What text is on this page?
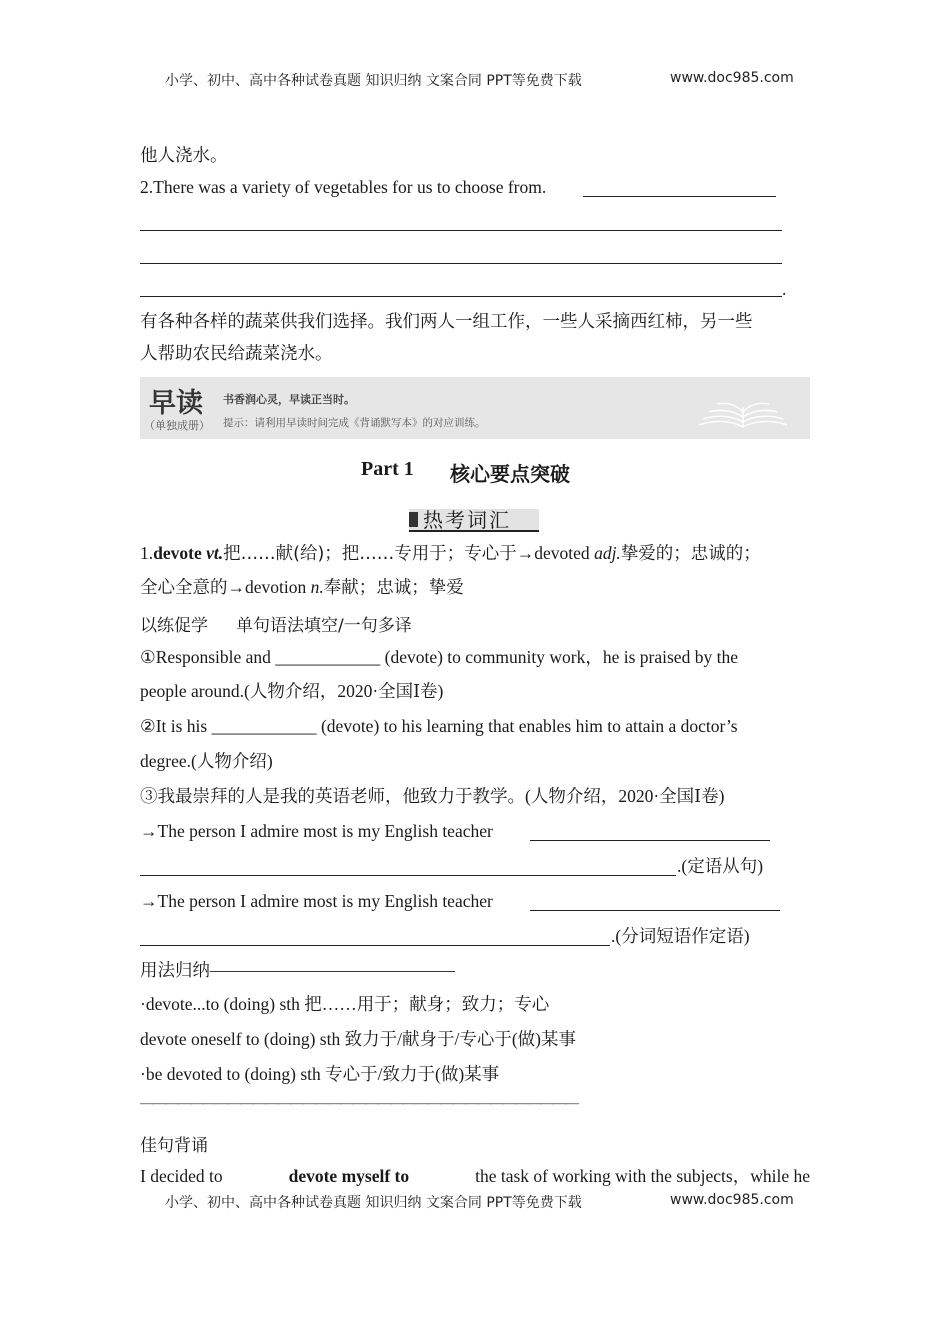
小学、初中、高中各种试卷真题 知识归纳 文案合同 PPT等免费下载	www.doc985.com
他人浇水。
2.There was a variety of vegetables for us to choose from.
.
有各种各样的蔬菜供我们选择。我们两人一组工作，一些人采摘西红柿，另一些
人帮助农民给蔬菜浇水。
早读
（单独成册）
书香润心灵，早读正当时。
提示：请利用早读时间完成《背诵默写本》的对应训练。
Part 1 核心要点突破
热考词汇
1.devote vt.把……献(给)；把……专用于；专心于→devoted adj.挚爱的；忠诚的；
全心全意的→devotion n.奉献；忠诚；挚爱
以练促学 单句语法填空/一句多译
①Responsible and ____________ (devote) to community work，he is praised by the
people around.(人物介绍，2020·全国Ⅰ卷)
②It is his ____________ (devote) to his learning that enables him to attain a doctor’s
degree.(人物介绍)
③我最崇拜的人是我的英语老师，他致力于教学。(人物介绍，2020·全国Ⅰ卷)
→The person I admire most is my English teacher
.(定语从句)
→The person I admire most is my English teacher
.(分词短语作定语)
用法归纳——————————————
·devote...to (doing) sth 把……用于；献身；致力；专心
devote oneself to (doing) sth 致力于/献身于/专心于(做)某事
·be devoted to (doing) sth 专心于/致力于(做)某事
———————————————————————————————————
佳句背诵
I decided to	devote myself to	the task of working with the subjects，while he
小学、初中、高中各种试卷真题 知识归纳 文案合同 PPT等免费下载	www.doc985.com
